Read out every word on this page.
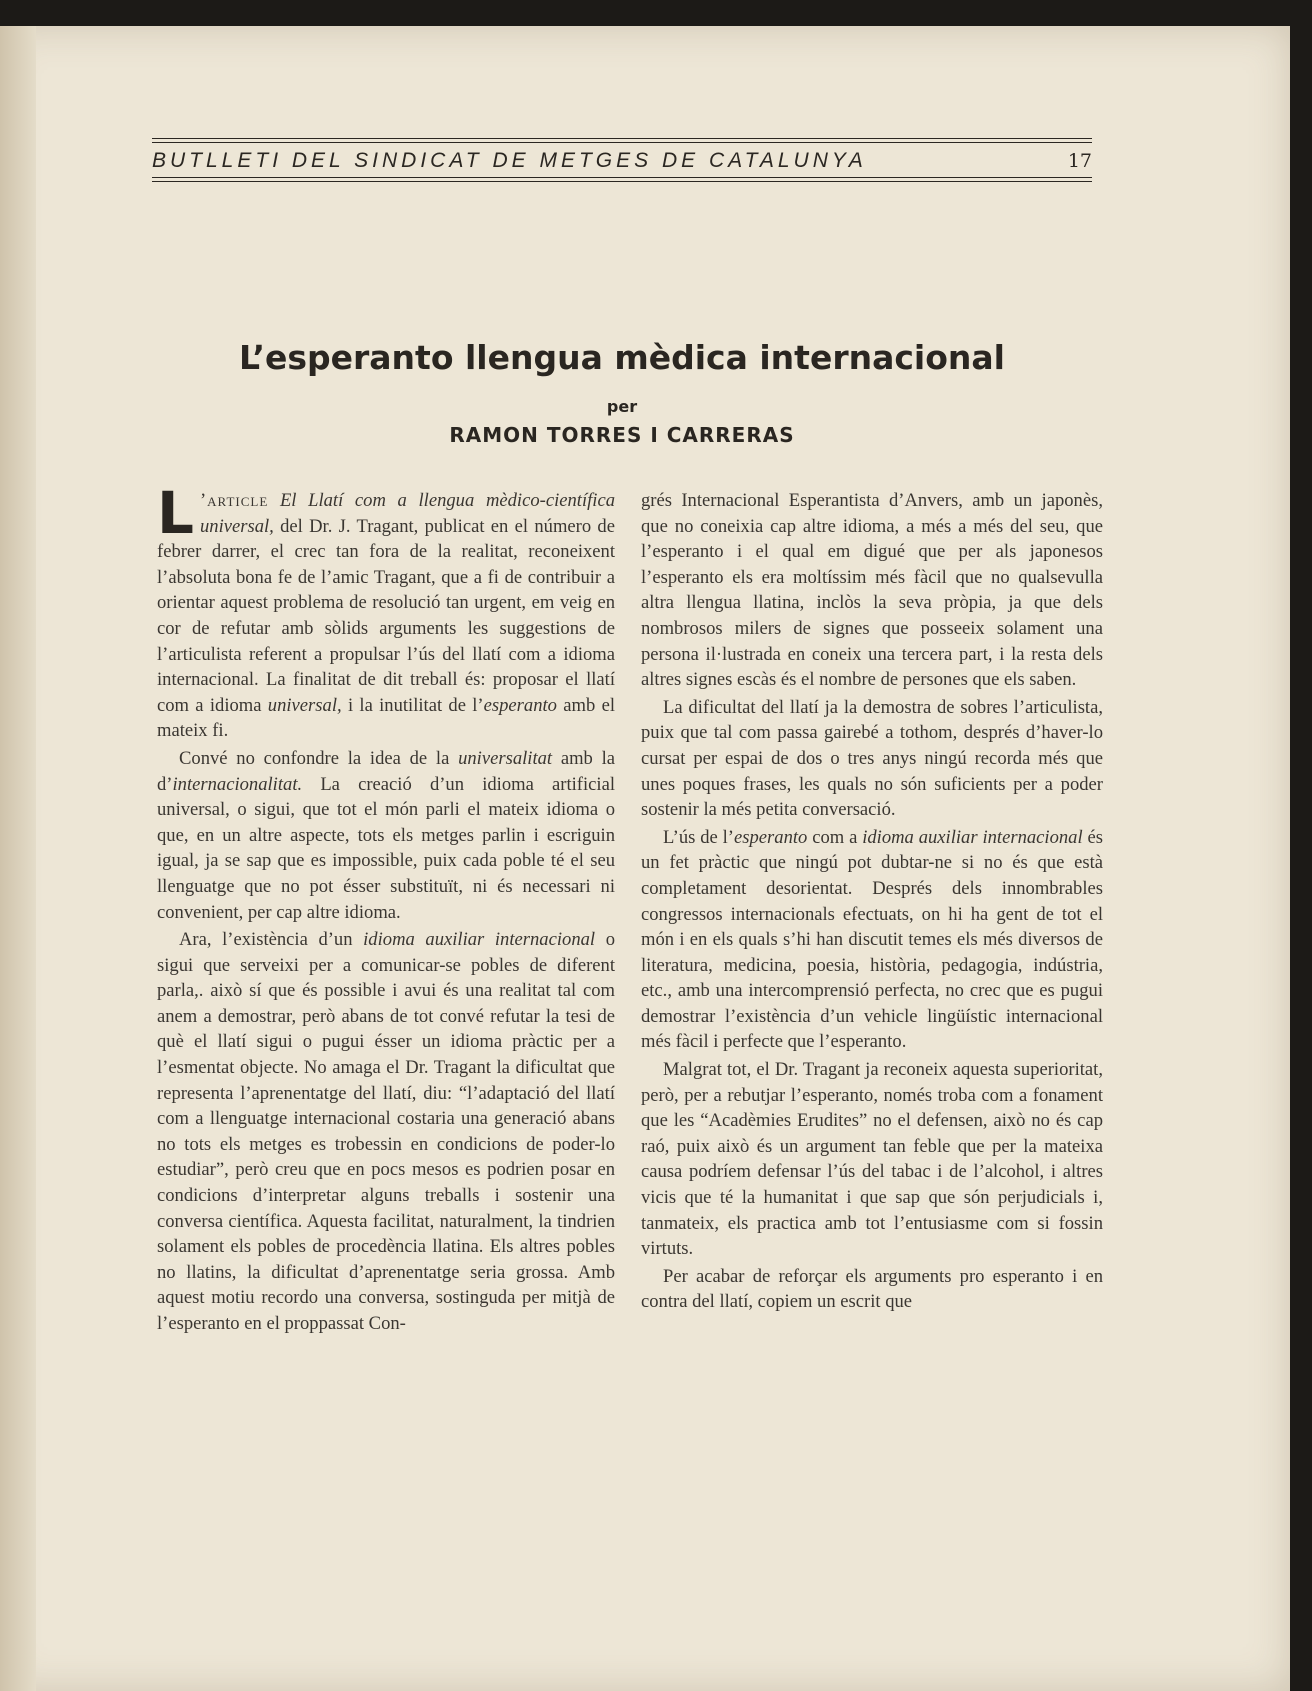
BUTLLETI DEL SINDICAT DE METGES DE CATALUNYA	17
L’esperanto llengua mèdica internacional
per
RAMON TORRES I CARRERAS

L ’article El Llatí com a llengua mèdico-científica universal, del Dr. J. Tragant, publicat en el número de febrer darrer, el crec tan fora de la realitat, reconeixent l’absoluta bona fe de l’amic Tragant, que a fi de contribuir a orientar aquest problema de resolució tan urgent, em veig en cor de refutar amb sòlids arguments les suggestions de l’articulista referent a propulsar l’ús del llatí com a idioma internacional. La finalitat de dit treball és: proposar el llatí com a idioma universal, i la inutilitat de l’esperanto amb el mateix fi.

Convé no confondre la idea de la universalitat amb la d’internacionalitat. La creació d’un idioma artificial universal, o sigui, que tot el món parli el mateix idioma o que, en un altre aspecte, tots els metges parlin i escriguin igual, ja se sap que es impossible, puix cada poble té el seu llenguatge que no pot ésser substituït, ni és necessari ni convenient, per cap altre idioma.

Ara, l’existència d’un idioma auxiliar internacional o sigui que serveixi per a comunicar-se pobles de diferent parla,. això sí que és possible i avui és una realitat tal com anem a demostrar, però abans de tot convé refutar la tesi de què el llatí sigui o pugui ésser un idioma pràctic per a l’esmentat objecte. No amaga el Dr. Tragant la dificultat que representa l’aprenentatge del llatí, diu: “l’adaptació del llatí com a llenguatge internacional costaria una generació abans no tots els metges es trobessin en condicions de poder-lo estudiar”, però creu que en pocs mesos es podrien posar en condicions d’interpretar alguns treballs i sostenir una conversa científica. Aquesta facilitat, naturalment, la tindrien solament els pobles de procedència llatina. Els altres pobles no llatins, la dificultat d’aprenentatge seria grossa. Amb aquest motiu recordo una conversa, sostinguda per mitjà de l’esperanto en el proppassat Con-

grés Internacional Esperantista d’Anvers, amb un japonès, que no coneixia cap altre idioma, a més a més del seu, que l’esperanto i el qual em digué que per als japonesos l’esperanto els era moltíssim més fàcil que no qualsevulla altra llengua llatina, inclòs la seva pròpia, ja que dels nombrosos milers de signes que posseeix solament una persona il·lustrada en coneix una tercera part, i la resta dels altres signes escàs és el nombre de persones que els saben.

La dificultat del llatí ja la demostra de sobres l’articulista, puix que tal com passa gairebé a tothom, després d’haver-lo cursat per espai de dos o tres anys ningú recorda més que unes poques frases, les quals no són suficients per a poder sostenir la més petita conversació.

L’ús de l’esperanto com a idioma auxiliar internacional és un fet pràctic que ningú pot dubtar-ne si no és que està completament desorientat. Després dels innombrables congressos internacionals efectuats, on hi ha gent de tot el món i en els quals s’hi han discutit temes els més diversos de literatura, medicina, poesia, història, pedagogia, indústria, etc., amb una intercomprensió perfecta, no crec que es pugui demostrar l’existència d’un vehicle lingüístic internacional més fàcil i perfecte que l’esperanto.

Malgrat tot, el Dr. Tragant ja reconeix aquesta superioritat, però, per a rebutjar l’esperanto, només troba com a fonament que les “Acadèmies Erudites” no el defensen, això no és cap raó, puix això és un argument tan feble que per la mateixa causa podríem defensar l’ús del tabac i de l’alcohol, i altres vicis que té la humanitat i que sap que són perjudicials i, tanmateix, els practica amb tot l’entusiasme com si fossin virtuts.

Per acabar de reforçar els arguments pro esperanto i en contra del llatí, copiem un escrit que
